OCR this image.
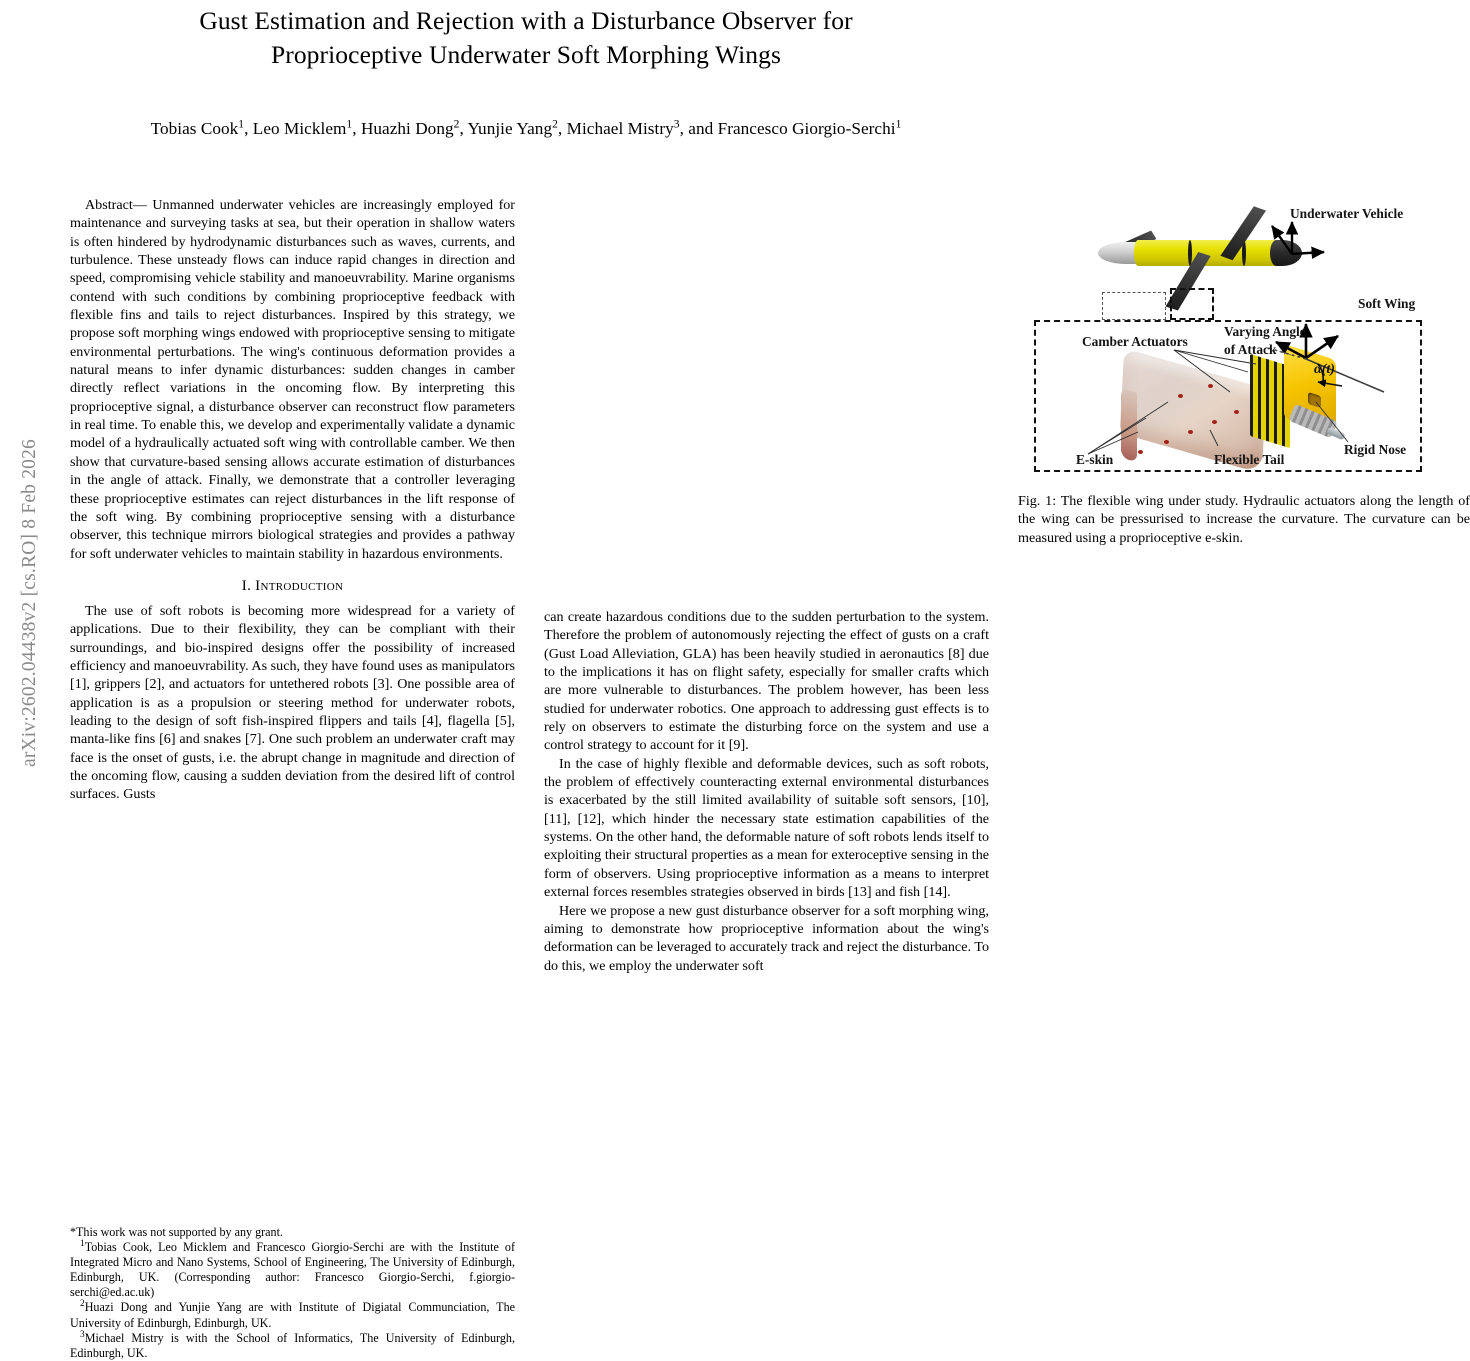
arXiv:2602.04438v2 [cs.RO] 8 Feb 2026
Gust Estimation and Rejection with a Disturbance Observer for
Proprioceptive Underwater Soft Morphing Wings
Tobias Cook$^1$, Leo Micklem$^1$, Huazhi Dong$^2$, Yunjie Yang$^2$, Michael Mistry$^3$, and Francesco Giorgio-Serchi$^1$

Abstract— Unmanned underwater vehicles are increasingly employed for maintenance and surveying tasks at sea, but their operation in shallow waters is often hindered by hydrodynamic disturbances such as waves, currents, and turbulence. These unsteady flows can induce rapid changes in direction and speed, compromising vehicle stability and manoeuvrability. Marine organisms contend with such conditions by combining proprioceptive feedback with flexible fins and tails to reject disturbances. Inspired by this strategy, we propose soft morphing wings endowed with proprioceptive sensing to mitigate environmental perturbations. The wing's continuous deformation provides a natural means to infer dynamic disturbances: sudden changes in camber directly reflect variations in the oncoming flow. By interpreting this proprioceptive signal, a disturbance observer can reconstruct flow parameters in real time. To enable this, we develop and experimentally validate a dynamic model of a hydraulically actuated soft wing with controllable camber. We then show that curvature-based sensing allows accurate estimation of disturbances in the angle of attack. Finally, we demonstrate that a controller leveraging these proprioceptive estimates can reject disturbances in the lift response of the soft wing. By combining proprioceptive sensing with a disturbance observer, this technique mirrors biological strategies and provides a pathway for soft underwater vehicles to maintain stability in hazardous environments.

I. Introduction

The use of soft robots is becoming more widespread for a variety of applications. Due to their flexibility, they can be compliant with their surroundings, and bio-inspired designs offer the possibility of increased efficiency and manoeuvrability. As such, they have found uses as manipulators [1], grippers [2], and actuators for untethered robots [3]. One possible area of application is as a propulsion or steering method for underwater robots, leading to the design of soft fish-inspired flippers and tails [4], flagella [5], manta-like fins [6] and snakes [7]. One such problem an underwater craft may face is the onset of gusts, i.e. the abrupt change in magnitude and direction of the oncoming flow, causing a sudden deviation from the desired lift of control surfaces. Gusts

*This work was not supported by any grant.

$^1$Tobias Cook, Leo Micklem and Francesco Giorgio-Serchi are with the Institute of Integrated Micro and Nano Systems, School of Engineering, The University of Edinburgh, Edinburgh, UK. (Corresponding author: Francesco Giorgio-Serchi, f.giorgio-serchi@ed.ac.uk)

$^2$Huazi Dong and Yunjie Yang are with Institute of Digiatal Communciation, The University of Edinburgh, Edinburgh, UK.

$^3$Michael Mistry is with the School of Informatics, The University of Edinburgh, Edinburgh, UK.

Underwater Vehicle
Soft Wing
Camber Actuators
Varying Angle
of Attack
E-skin	Flexible Tail
Rigid Nose
α(t)
Fig. 1: The flexible wing under study. Hydraulic actuators along the length of the wing can be pressurised to increase the curvature. The curvature can be measured using a proprioceptive e-skin.

can create hazardous conditions due to the sudden perturbation to the system. Therefore the problem of autonomously rejecting the effect of gusts on a craft (Gust Load Alleviation, GLA) has been heavily studied in aeronautics [8] due to the implications it has on flight safety, especially for smaller crafts which are more vulnerable to disturbances. The problem however, has been less studied for underwater robotics. One approach to addressing gust effects is to rely on observers to estimate the disturbing force on the system and use a control strategy to account for it [9].

In the case of highly flexible and deformable devices, such as soft robots, the problem of effectively counteracting external environmental disturbances is exacerbated by the still limited availability of suitable soft sensors, [10], [11], [12], which hinder the necessary state estimation capabilities of the systems. On the other hand, the deformable nature of soft robots lends itself to exploiting their structural properties as a mean for exteroceptive sensing in the form of observers. Using proprioceptive information as a means to interpret external forces resembles strategies observed in birds [13] and fish [14].

Here we propose a new gust disturbance observer for a soft morphing wing, aiming to demonstrate how proprioceptive information about the wing's deformation can be leveraged to accurately track and reject the disturbance. To do this, we employ the underwater soft
